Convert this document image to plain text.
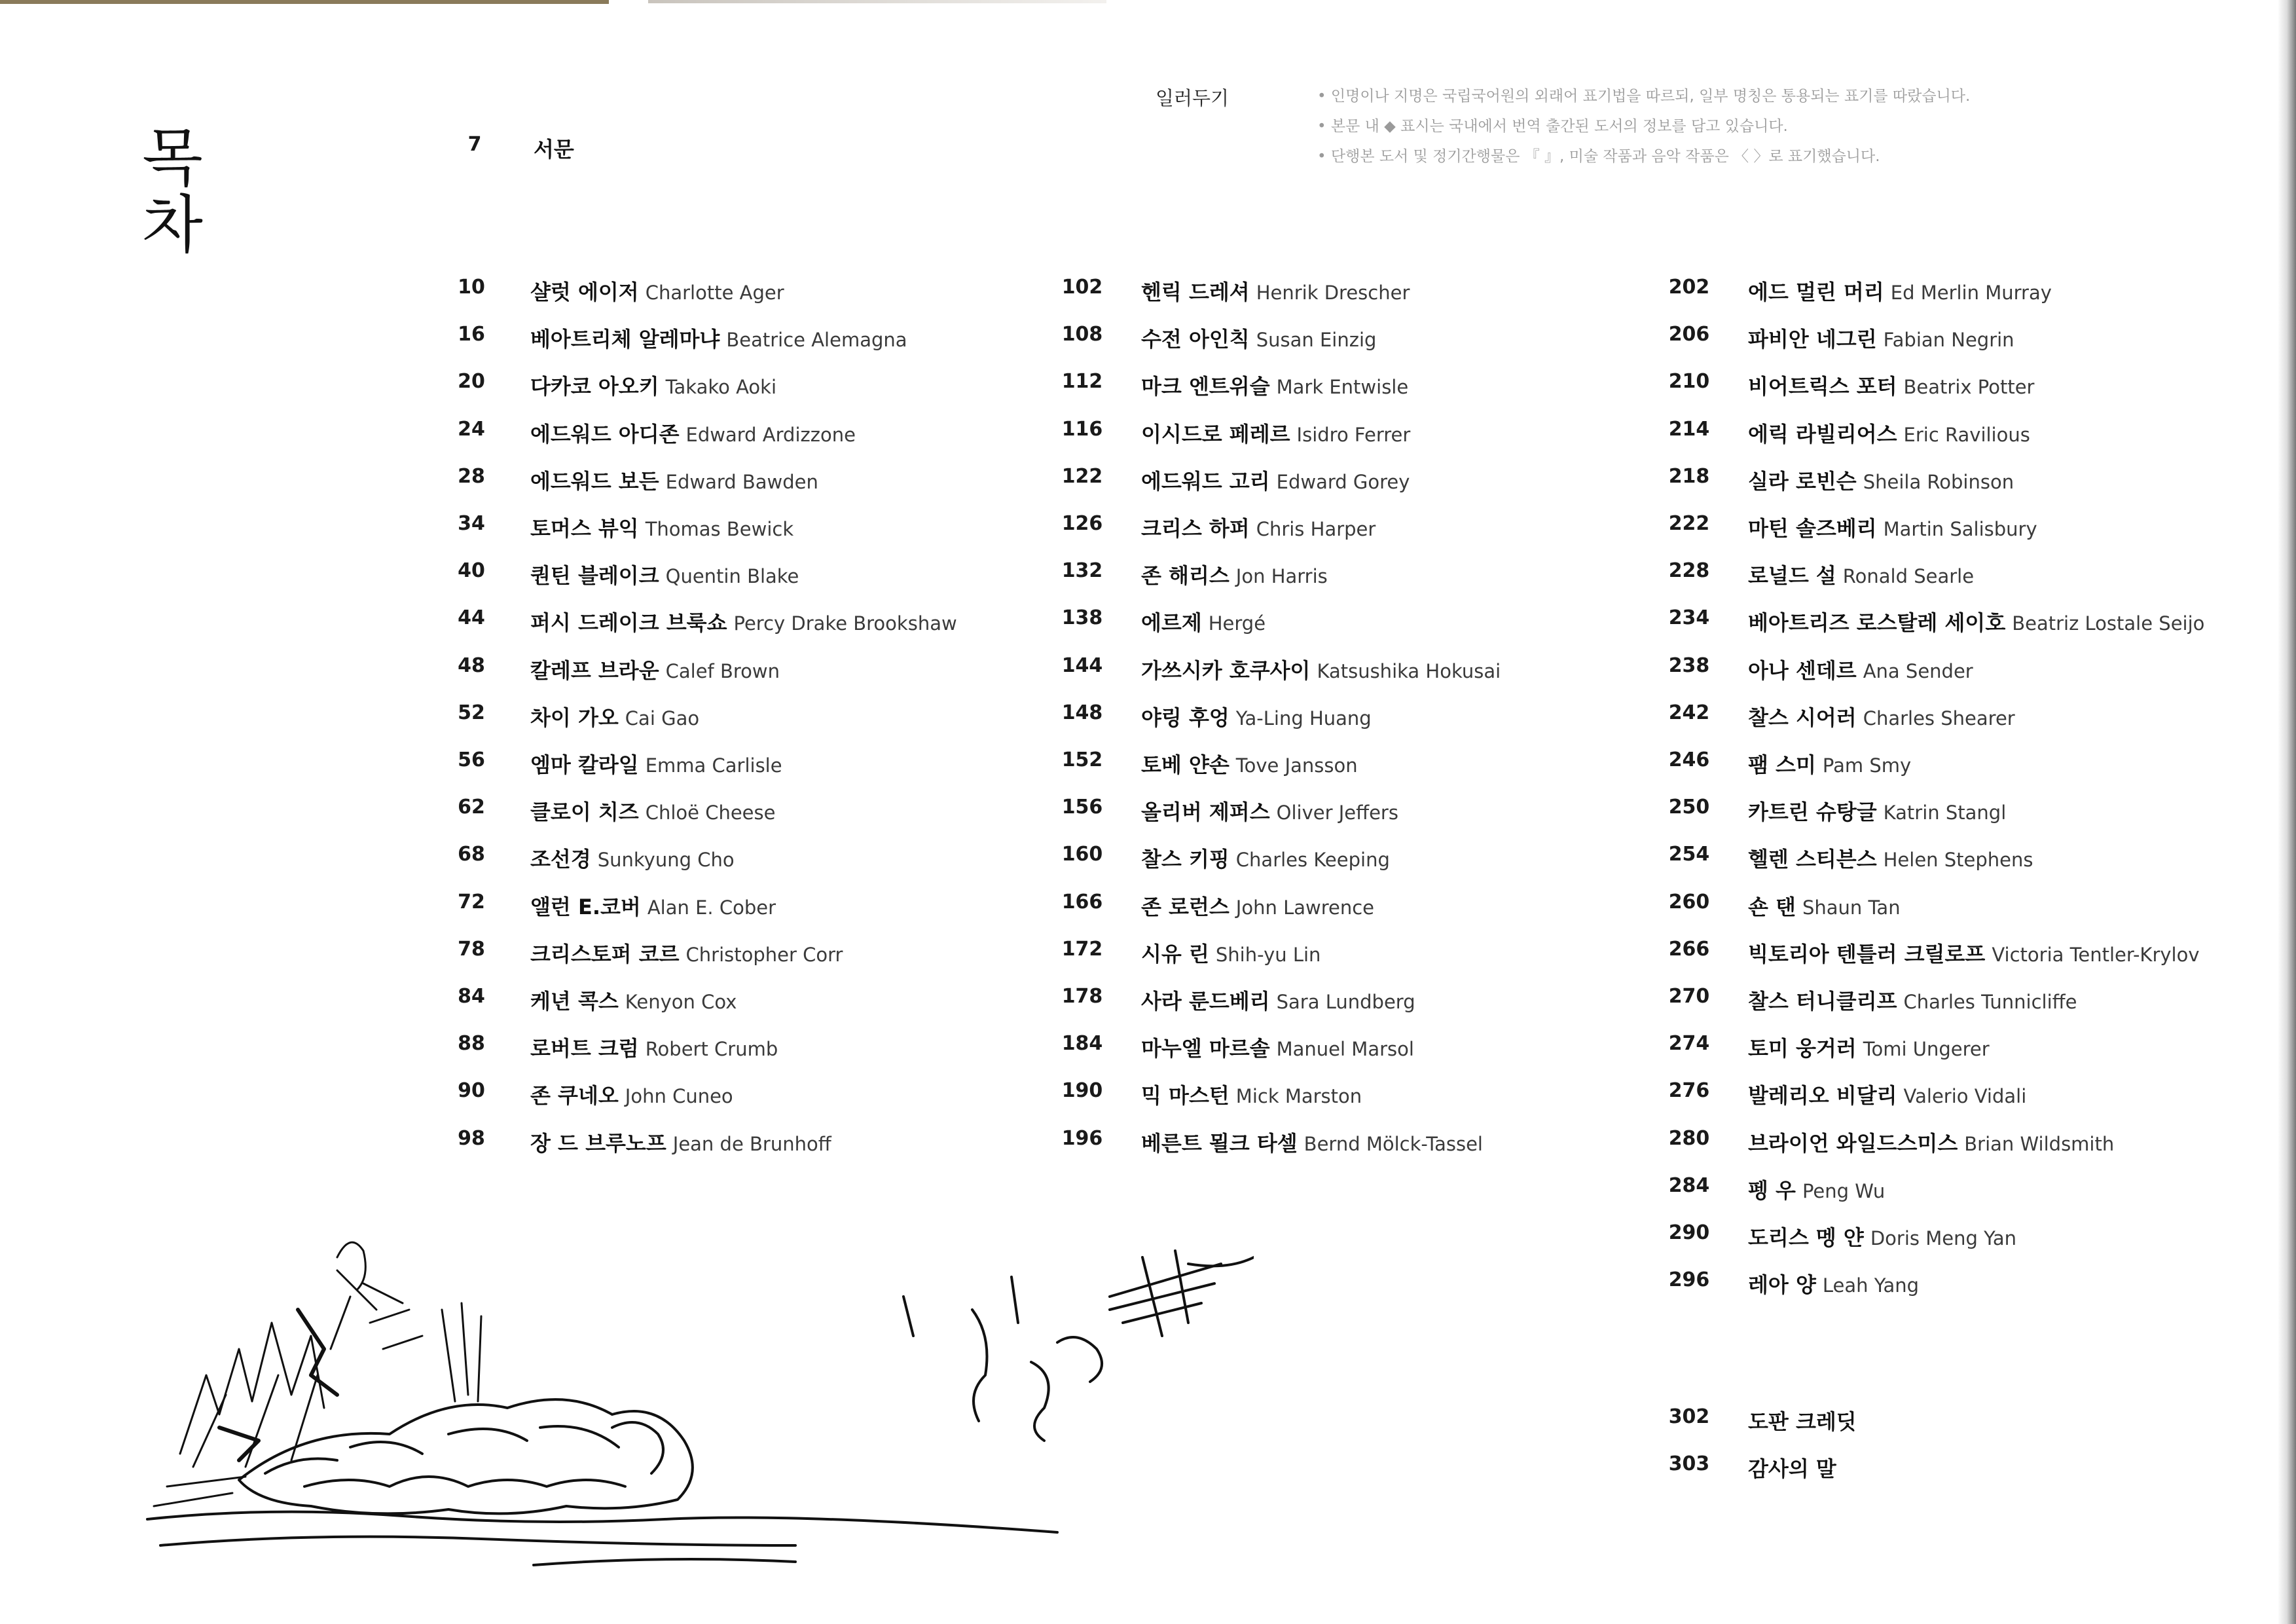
목차
일러두기	• 인명이나 지명은 국립국어원의 외래어 표기법을 따르되, 일부 명칭은 통용되는 표기를 따랐습니다.
• 본문 내 ◆ 표시는 국내에서 번역 출간된 도서의 정보를 담고 있습니다.
• 단행본 도서 및 정기간행물은 『 』, 미술 작품과 음악 작품은 〈 〉로 표기했습니다.
7	서문
10	샬럿 에이저 Charlotte Ager
16	베아트리체 알레마냐 Beatrice Alemagna
20	다카코 아오키 Takako Aoki
24	에드워드 아디존 Edward Ardizzone
28	에드워드 보든 Edward Bawden
34	토머스 뷰익 Thomas Bewick
40	퀀틴 블레이크 Quentin Blake
44	퍼시 드레이크 브룩쇼 Percy Drake Brookshaw
48	칼레프 브라운 Calef Brown
52	차이 가오 Cai Gao
56	엠마 칼라일 Emma Carlisle
62	클로이 치즈 Chloë Cheese
68	조선경 Sunkyung Cho
72	앨런 E.코버 Alan E. Cober
78	크리스토퍼 코르 Christopher Corr
84	케년 콕스 Kenyon Cox
88	로버트 크럼 Robert Crumb
90	존 쿠네오 John Cuneo
98	장 드 브루노프 Jean de Brunhoff
102 헨릭 드레셔 Henrik Drescher
108 수전 아인칙 Susan Einzig
112 마크 엔트위슬 Mark Entwisle
116 이시드로 페레르 Isidro Ferrer
122 에드워드 고리 Edward Gorey
126 크리스 하퍼 Chris Harper
132 존 해리스 Jon Harris
138 에르제 Hergé
144 가쓰시카 호쿠사이 Katsushika Hokusai
148 야링 후엉 Ya-Ling Huang
152 토베 얀손 Tove Jansson
156 올리버 제퍼스 Oliver Jeffers
160 찰스 키핑 Charles Keeping
166 존 로런스 John Lawrence
172 시유 린 Shih-yu Lin
178 사라 룬드베리 Sara Lundberg
184 마누엘 마르솔 Manuel Marsol
190 믹 마스턴 Mick Marston
196 베른트 묄크 타셀 Bernd Mölck-Tassel
202 에드 멀린 머리 Ed Merlin Murray
206 파비안 네그린 Fabian Negrin
210 비어트릭스 포터 Beatrix Potter
214 에릭 라빌리어스 Eric Ravilious
218 실라 로빈슨 Sheila Robinson
222 마틴 솔즈베리 Martin Salisbury
228 로널드 설 Ronald Searle
234 베아트리즈 로스탈레 세이호 Beatriz Lostale Seijo
238 아나 센데르 Ana Sender
242 찰스 시어러 Charles Shearer
246 팸 스미 Pam Smy
250 카트린 슈탕글 Katrin Stangl
254 헬렌 스티븐스 Helen Stephens
260 숀 탠 Shaun Tan
266 빅토리아 텐틀러 크릴로프 Victoria Tentler-Krylov
270 찰스 터니클리프 Charles Tunnicliffe
274 토미 웅거러 Tomi Ungerer
276 발레리오 비달리 Valerio Vidali
280 브라이언 와일드스미스 Brian Wildsmith
284 펭 우 Peng Wu
290 도리스 멩 얀 Doris Meng Yan
296 레아 양 Leah Yang
302 도판 크레딧
303 감사의 말
